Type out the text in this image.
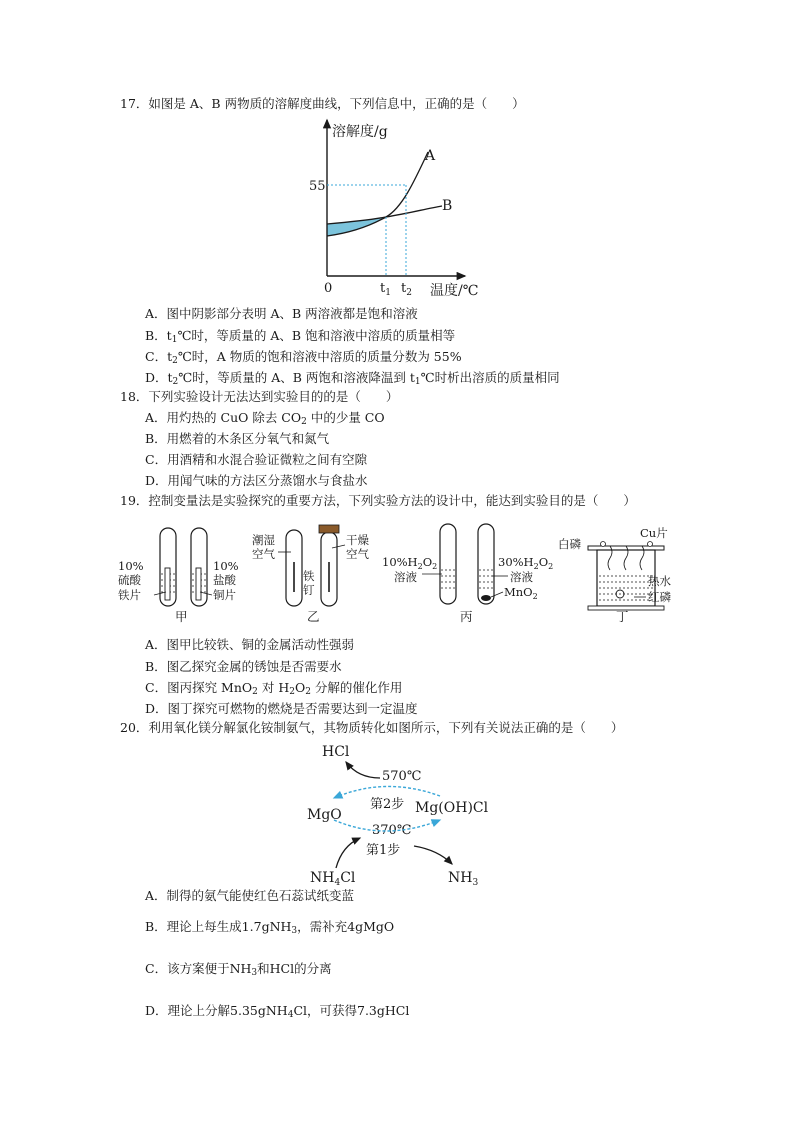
17．如图是 A、B 两物质的溶解度曲线，下列信息中，正确的是（　　）
溶解度/g
温度/℃
0
55
$t_1$ $t_2$
A
B
A．图中阴影部分表明 A、B 两溶液都是饱和溶液
B．$t_1℃$时，等质量的 A、B 饱和溶液中溶质的质量相等
C．$t_2℃$时，A 物质的饱和溶液中溶质的质量分数为 55%
D．$t_2℃$时，等质量的 A、B 两饱和溶液降温到 $t_1℃$时析出溶质的质量相同
18．下列实验设计无法达到实验目的的是（　　）
A．用灼热的 CuO 除去 $CO_2$ 中的少量 CO
B．用燃着的木条区分氧气和氮气
C．用酒精和水混合验证微粒之间有空隙
D．用闻气味的方法区分蒸馏水与食盐水
19．控制变量法是实验探究的重要方法，下列实验方法的设计中，能达到实验目的是（　　）
10%
硫酸
铁片
10%
盐酸
铜片
甲
潮湿
空气
干燥
空气
铁
钉
乙
$10\%H_2O_2$
溶液
$30\%H_2O_2$
溶液
MnO$_2$
丙
白磷
Cu片
热水
红磷
丁
A．图甲比较铁、铜的金属活动性强弱
B．图乙探究金属的锈蚀是否需要水
C．图丙探究 MnO$_2$ 对 $H_2O_2$ 分解的催化作用
D．图丁探究可燃物的燃烧是否需要达到一定温度
20．利用氧化镁分解氯化铵制氨气，其物质转化如图所示，下列有关说法正确的是（　　）
HCl
570℃
第2步
MgO	Mg(OH)Cl
370℃
第1步
$NH_4Cl$	$NH_3$
A．制得的氨气能使红色石蕊试纸变蓝
B．理论上每生成1.7gNH$_3$，需补充4gMgO
C．该方案便于$NH_3$和HCl的分离
D．理论上分解5.35gNH$_4$Cl，可获得7.3gHCl
